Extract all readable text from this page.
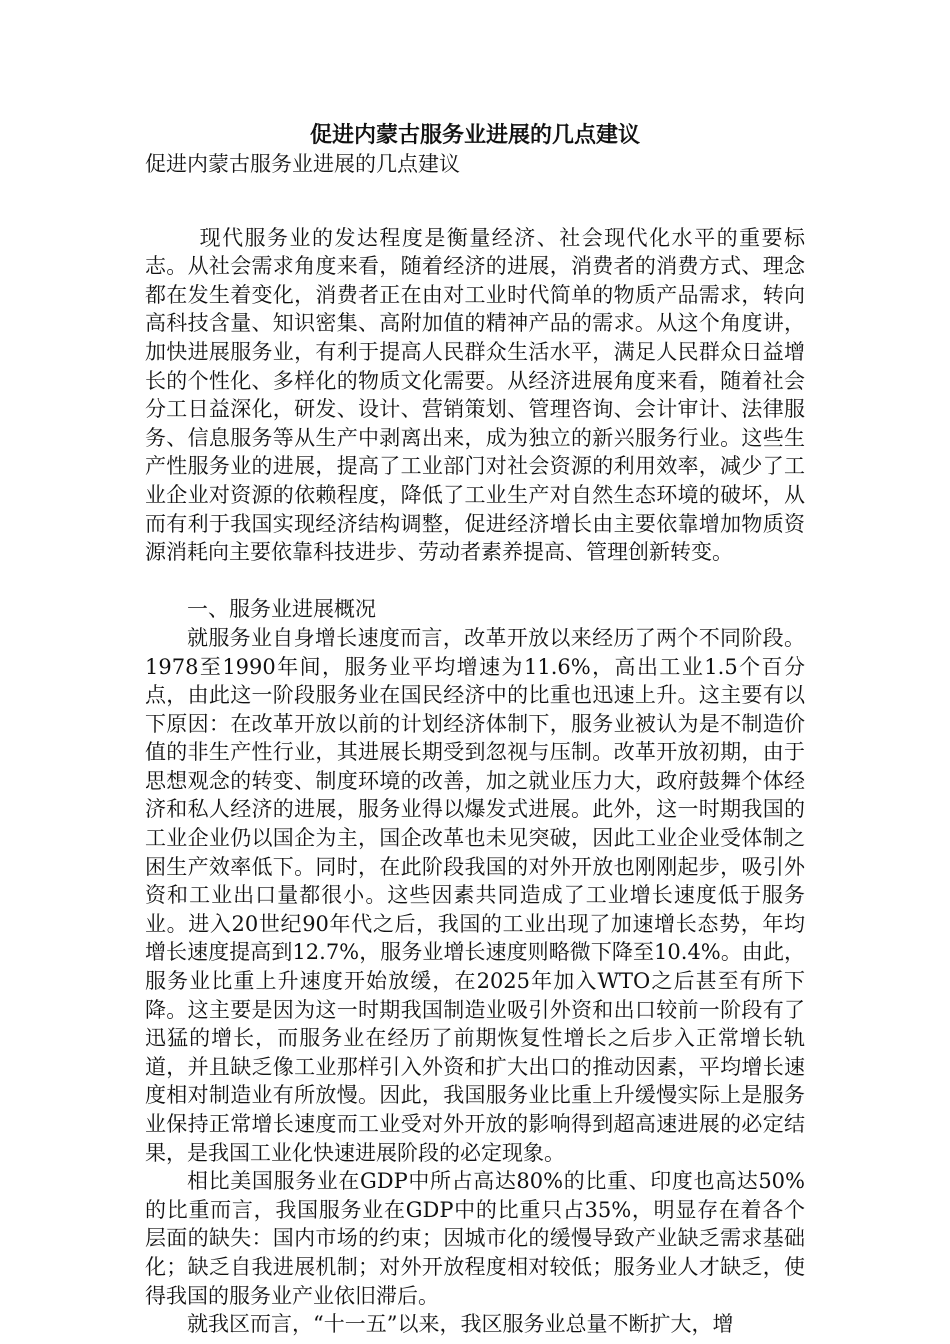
促进内蒙古服务业进展的几点建议
促进内蒙古服务业进展的几点建议

现代服务业的发达程度是衡量经济、社会现代化水平的重要标志。从社会需求角度来看，随着经济的进展，消费者的消费方式、理念都在发生着变化，消费者正在由对工业时代简单的物质产品需求，转向高科技含量、知识密集、高附加值的精神产品的需求。从这个角度讲，加快进展服务业，有利于提高人民群众生活水平，满足人民群众日益增长的个性化、多样化的物质文化需要。从经济进展角度来看，随着社会分工日益深化，研发、设计、营销策划、管理咨询、会计审计、法律服务、信息服务等从生产中剥离出来，成为独立的新兴服务行业。这些生产性服务业的进展，提高了工业部门对社会资源的利用效率，减少了工业企业对资源的依赖程度，降低了工业生产对自然生态环境的破坏，从而有利于我国实现经济结构调整，促进经济增长由主要依靠增加物质资源消耗向主要依靠科技进步、劳动者素养提高、管理创新转变。

一、服务业进展概况

就服务业自身增长速度而言，改革开放以来经历了两个不同阶段。1978至1990年间，服务业平均增速为11.6%，高出工业1.5个百分点，由此这一阶段服务业在国民经济中的比重也迅速上升。这主要有以下原因：在改革开放以前的计划经济体制下，服务业被认为是不制造价值的非生产性行业，其进展长期受到忽视与压制。改革开放初期，由于思想观念的转变、制度环境的改善，加之就业压力大，政府鼓舞个体经济和私人经济的进展，服务业得以爆发式进展。此外，这一时期我国的工业企业仍以国企为主，国企改革也未见突破，因此工业企业受体制之困生产效率低下。同时，在此阶段我国的对外开放也刚刚起步，吸引外资和工业出口量都很小。这些因素共同造成了工业增长速度低于服务业。进入20世纪90年代之后，我国的工业出现了加速增长态势，年均增长速度提高到12.7%，服务业增长速度则略微下降至10.4%。由此，服务业比重上升速度开始放缓，在2025年加入WTO之后甚至有所下降。这主要是因为这一时期我国制造业吸引外资和出口较前一阶段有了迅猛的增长，而服务业在经历了前期恢复性增长之后步入正常增长轨道，并且缺乏像工业那样引入外资和扩大出口的推动因素，平均增长速度相对制造业有所放慢。因此，我国服务业比重上升缓慢实际上是服务业保持正常增长速度而工业受对外开放的影响得到超高速进展的必定结果，是我国工业化快速进展阶段的必定现象。

相比美国服务业在GDP中所占高达80%的比重、印度也高达50%的比重而言，我国服务业在GDP中的比重只占35%，明显存在着各个层面的缺失：国内市场的约束；因城市化的缓慢导致产业缺乏需求基础化；缺乏自我进展机制；对外开放程度相对较低；服务业人才缺乏，使得我国的服务业产业依旧滞后。

就我区而言，“十一五”以来，我区服务业总量不断扩大，增
